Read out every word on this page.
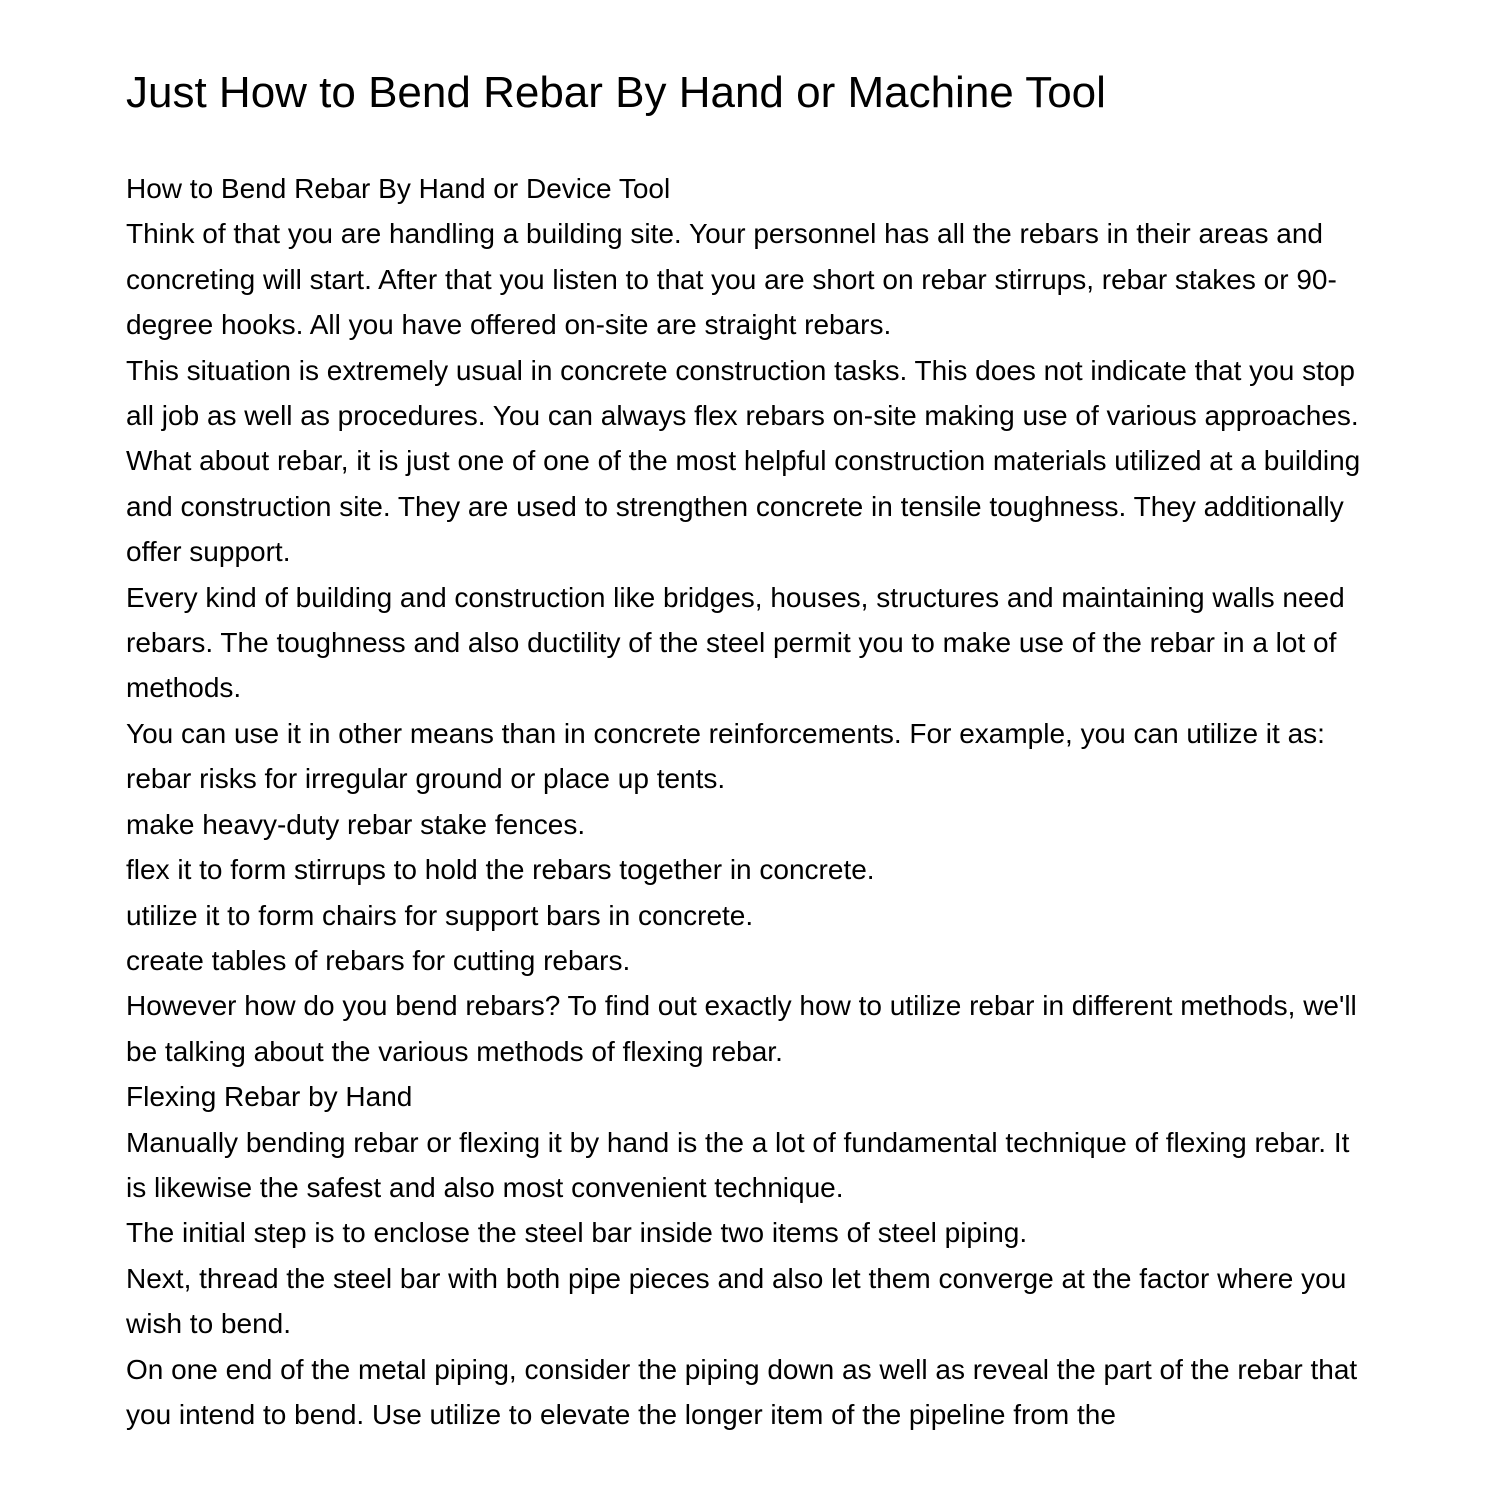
Just How to Bend Rebar By Hand or Machine Tool

How to Bend Rebar By Hand or Device Tool

Think of that you are handling a building site. Your personnel has all the rebars in their areas and concreting will start. After that you listen to that you are short on rebar stirrups, rebar stakes or 90-degree hooks. All you have offered on-site are straight rebars.

This situation is extremely usual in concrete construction tasks. This does not indicate that you stop all job as well as procedures. You can always flex rebars on-site making use of various approaches.

What about rebar, it is just one of one of the most helpful construction materials utilized at a building and construction site. They are used to strengthen concrete in tensile toughness. They additionally offer support.

Every kind of building and construction like bridges, houses, structures and maintaining walls need rebars. The toughness and also ductility of the steel permit you to make use of the rebar in a lot of methods.

You can use it in other means than in concrete reinforcements. For example, you can utilize it as:

rebar risks for irregular ground or place up tents.

make heavy-duty rebar stake fences.

flex it to form stirrups to hold the rebars together in concrete.

utilize it to form chairs for support bars in concrete.

create tables of rebars for cutting rebars.

However how do you bend rebars? To find out exactly how to utilize rebar in different methods, we'll be talking about the various methods of flexing rebar.

Flexing Rebar by Hand

Manually bending rebar or flexing it by hand is the a lot of fundamental technique of flexing rebar. It is likewise the safest and also most convenient technique.

The initial step is to enclose the steel bar inside two items of steel piping.

Next, thread the steel bar with both pipe pieces and also let them converge at the factor where you wish to bend.

On one end of the metal piping, consider the piping down as well as reveal the part of the rebar that you intend to bend. Use utilize to elevate the longer item of the pipeline from the
